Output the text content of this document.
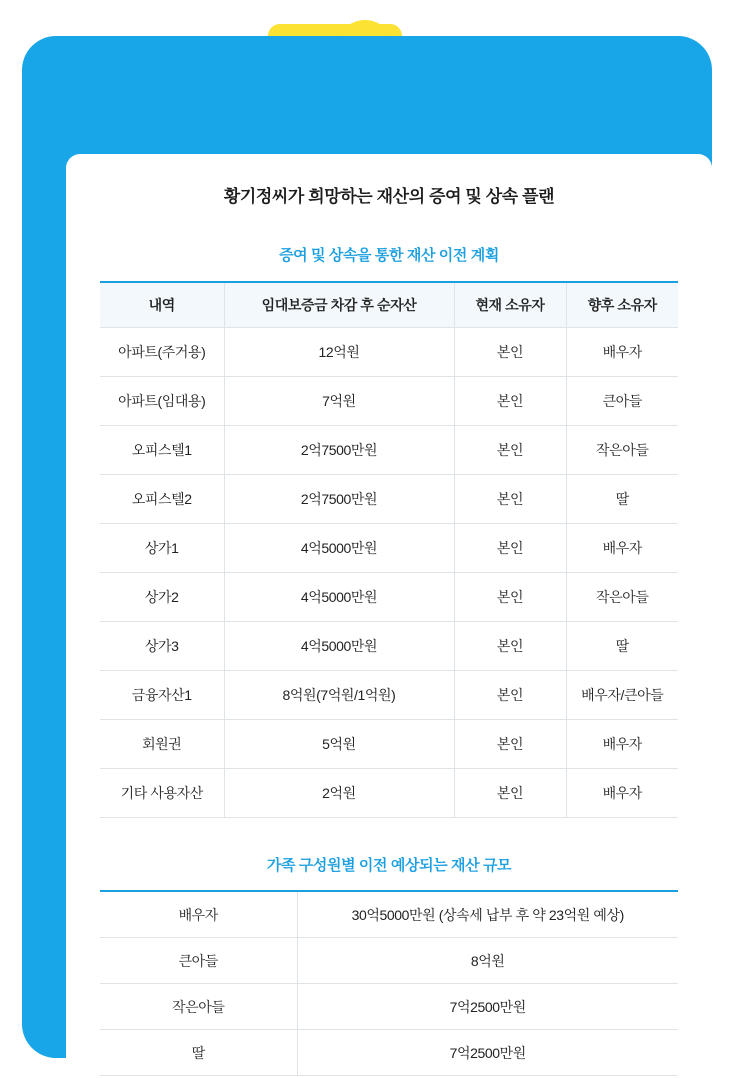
황기정씨가 희망하는 재산의 증여 및 상속 플랜
증여 및 상속을 통한 재산 이전 계획
내역	임대보증금 차감 후 순자산	현재 소유자	향후 소유자
아파트(주거용)	12억원	본인	배우자
아파트(임대용)	7억원	본인	큰아들
오피스텔1	2억7500만원	본인	작은아들
오피스텔2	2억7500만원	본인	딸
상가1	4억5000만원	본인	배우자
상가2	4억5000만원	본인	작은아들
상가3	4억5000만원	본인	딸
금융자산1	8억원(7억원/1억원)	본인	배우자/큰아들
회원권	5억원	본인	배우자
기타 사용자산	2억원	본인	배우자
가족 구성원별 이전 예상되는 재산 규모
배우자	30억5000만원 (상속세 납부 후 약 23억원 예상)
큰아들	8억원
작은아들	7억2500만원
딸	7억2500만원
